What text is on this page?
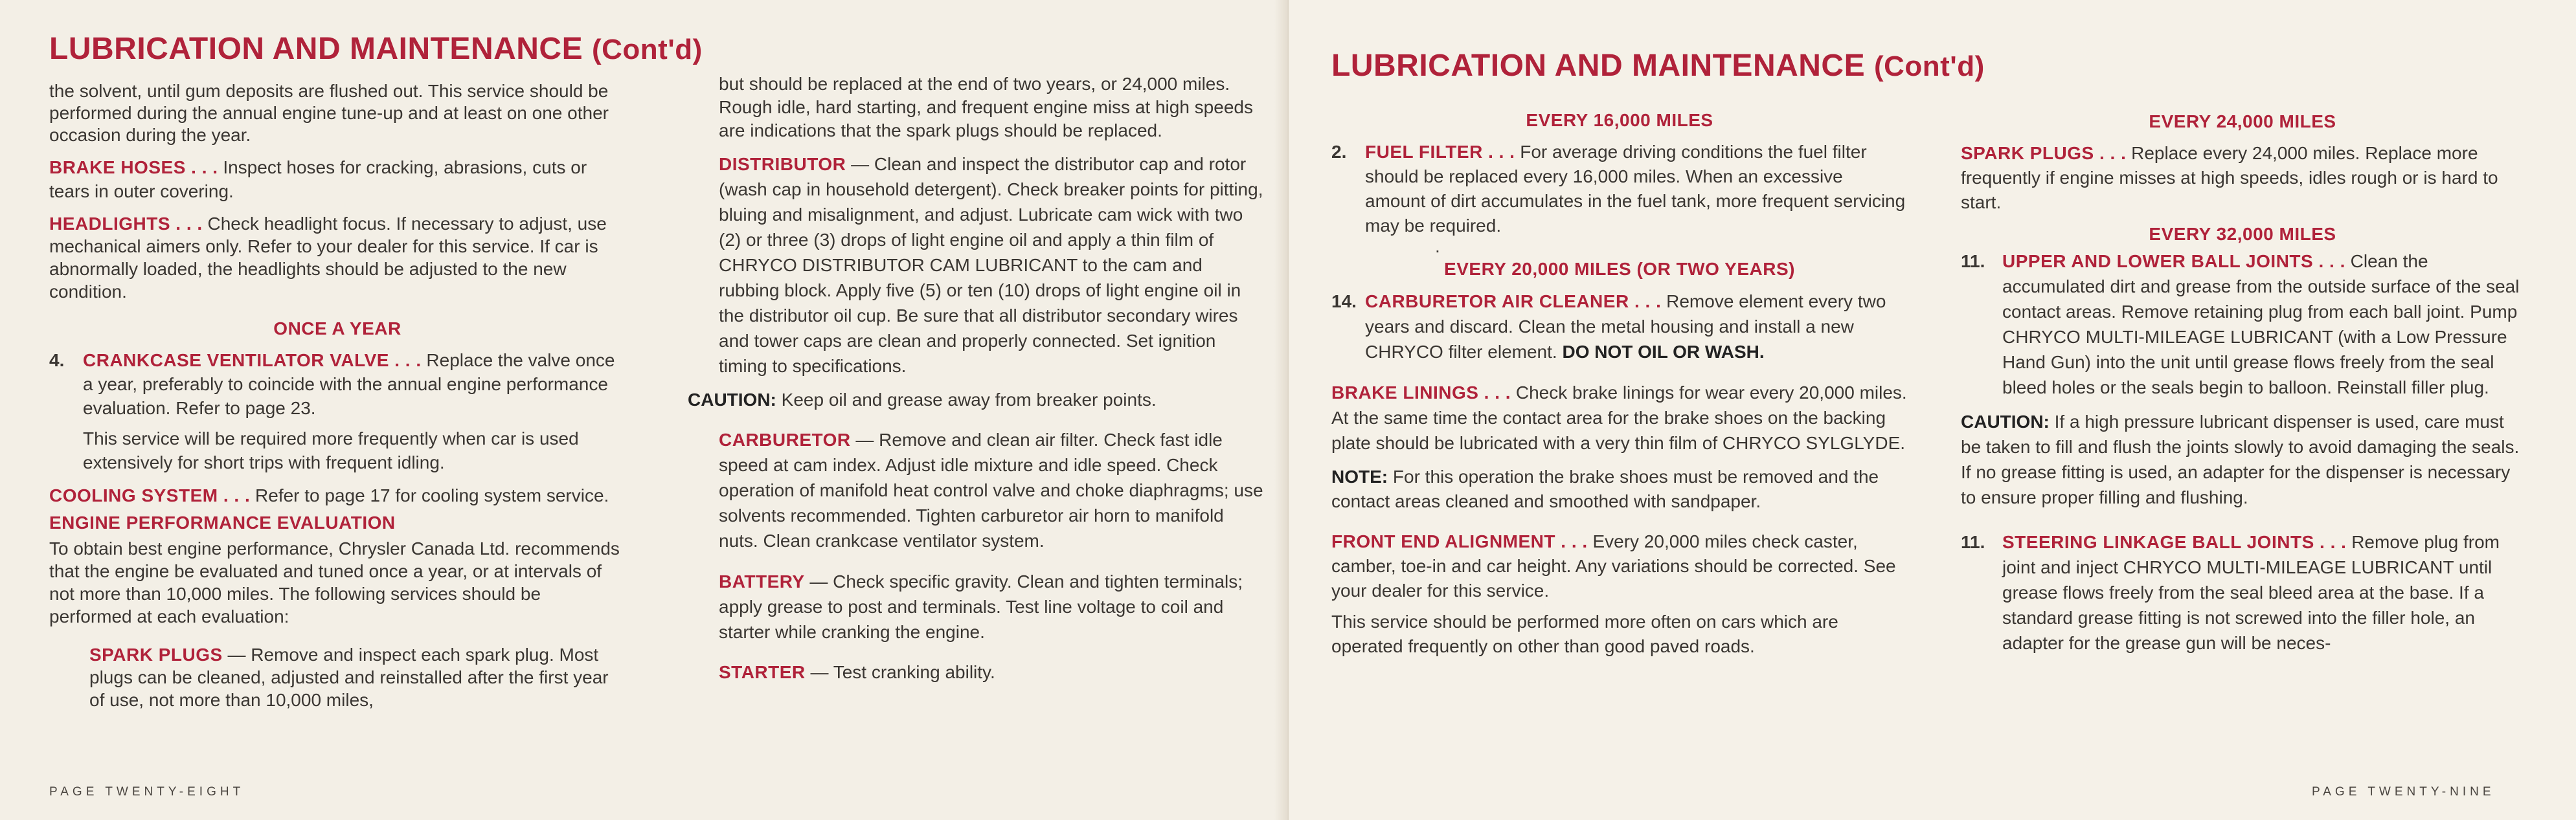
LUBRICATION AND MAINTENANCE (Cont'd)

the solvent, until gum deposits are flushed out. This service should be performed during the annual engine tune-up and at least on one other occasion during the year.

BRAKE HOSES . . . Inspect hoses for cracking, abrasions, cuts or tears in outer covering.

HEADLIGHTS . . . Check headlight focus. If necessary to adjust, use mechanical aimers only. Refer to your dealer for this service. If car is abnormally loaded, the headlights should be adjusted to the new condition.

ONCE A YEAR

4. CRANKCASE VENTILATOR VALVE . . . Replace the valve once a year, preferably to coincide with the annual engine performance evaluation. Refer to page 23.

This service will be required more frequently when car is used extensively for short trips with frequent idling.

COOLING SYSTEM . . . Refer to page 17 for cooling system service.

ENGINE PERFORMANCE EVALUATION

To obtain best engine performance, Chrysler Canada Ltd. recommends that the engine be evaluated and tuned once a year, or at intervals of not more than 10,000 miles. The following services should be performed at each evaluation:

SPARK PLUGS — Remove and inspect each spark plug. Most plugs can be cleaned, adjusted and reinstalled after the first year of use, not more than 10,000 miles,

but should be replaced at the end of two years, or 24,000 miles. Rough idle, hard starting, and frequent engine miss at high speeds are indications that the spark plugs should be replaced.

DISTRIBUTOR — Clean and inspect the distributor cap and rotor (wash cap in household detergent). Check breaker points for pitting, bluing and misalignment, and adjust. Lubricate cam wick with two (2) or three (3) drops of light engine oil and apply a thin film of CHRYCO DISTRIBUTOR CAM LUBRICANT to the cam and rubbing block. Apply five (5) or ten (10) drops of light engine oil in the distributor oil cup. Be sure that all distributor secondary wires and tower caps are clean and properly connected. Set ignition timing to specifications.

CAUTION: Keep oil and grease away from breaker points.

CARBURETOR — Remove and clean air filter. Check fast idle speed at cam index. Adjust idle mixture and idle speed. Check operation of manifold heat control valve and choke diaphragms; use solvents recommended. Tighten carburetor air horn to manifold nuts. Clean crankcase ventilator system.

BATTERY — Check specific gravity. Clean and tighten terminals; apply grease to post and terminals. Test line voltage to coil and starter while cranking the engine.

STARTER — Test cranking ability.

PAGE TWENTY-EIGHT
LUBRICATION AND MAINTENANCE (Cont'd)
EVERY 16,000 MILES

2. FUEL FILTER . . . For average driving conditions the fuel filter should be replaced every 16,000 miles. When an excessive amount of dirt accumulates in the fuel tank, more frequent servicing may be required.

.

EVERY 20,000 MILES (OR TWO YEARS)

14. CARBURETOR AIR CLEANER . . . Remove element every two years and discard. Clean the metal housing and install a new CHRYCO filter element. DO NOT OIL OR WASH.

BRAKE LININGS . . . Check brake linings for wear every 20,000 miles. At the same time the contact area for the brake shoes on the backing plate should be lubricated with a very thin film of CHRYCO SYLGLYDE.

NOTE: For this operation the brake shoes must be removed and the contact areas cleaned and smoothed with sandpaper.

FRONT END ALIGNMENT . . . Every 20,000 miles check caster, camber, toe-in and car height. Any variations should be corrected. See your dealer for this service.

This service should be performed more often on cars which are operated frequently on other than good paved roads.

EVERY 24,000 MILES

SPARK PLUGS . . . Replace every 24,000 miles. Replace more frequently if engine misses at high speeds, idles rough or is hard to start.

EVERY 32,000 MILES

11. UPPER AND LOWER BALL JOINTS . . . Clean the accumulated dirt and grease from the outside surface of the seal contact areas. Remove retaining plug from each ball joint. Pump CHRYCO MULTI-MILEAGE LUBRICANT (with a Low Pressure Hand Gun) into the unit until grease flows freely from the seal bleed holes or the seals begin to balloon. Reinstall filler plug.

CAUTION: If a high pressure lubricant dispenser is used, care must be taken to fill and flush the joints slowly to avoid damaging the seals. If no grease fitting is used, an adapter for the dispenser is necessary to ensure proper filling and flushing.

11. STEERING LINKAGE BALL JOINTS . . . Remove plug from joint and inject CHRYCO MULTI-MILEAGE LUBRICANT until grease flows freely from the seal bleed area at the base. If a standard grease fitting is not screwed into the filler hole, an adapter for the grease gun will be neces-

PAGE TWENTY-NINE
